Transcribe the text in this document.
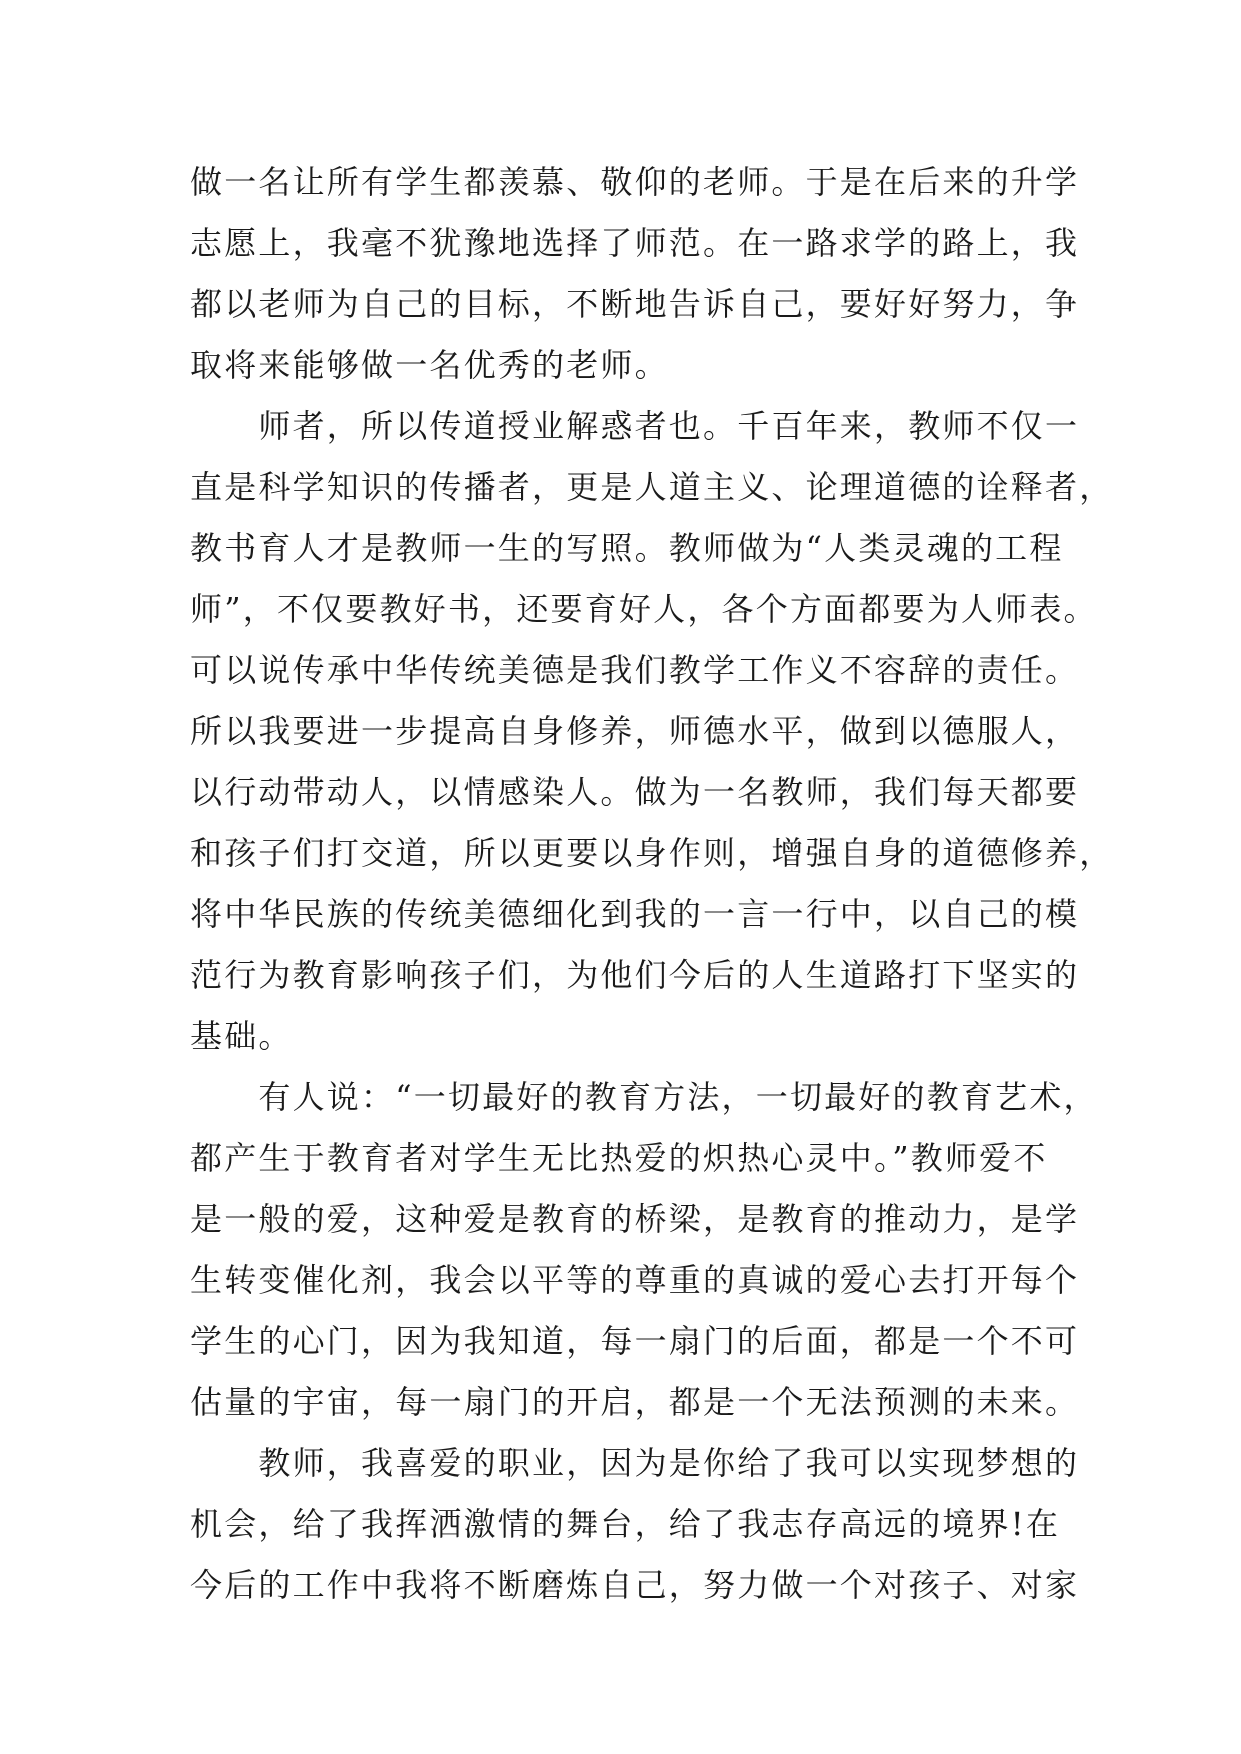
做一名让所有学生都羡慕、敬仰的老师。于是在后来的升学
志愿上，我毫不犹豫地选择了师范。在一路求学的路上，我
都以老师为自己的目标，不断地告诉自己，要好好努力，争
取将来能够做一名优秀的老师。
　　师者，所以传道授业解惑者也。千百年来，教师不仅一
直是科学知识的传播者，更是人道主义、论理道德的诠释者，
教书育人才是教师一生的写照。教师做为“人类灵魂的工程
师”，不仅要教好书，还要育好人，各个方面都要为人师表。
可以说传承中华传统美德是我们教学工作义不容辞的责任。
所以我要进一步提高自身修养，师德水平，做到以德服人，
以行动带动人，以情感染人。做为一名教师，我们每天都要
和孩子们打交道，所以更要以身作则，增强自身的道德修养，
将中华民族的传统美德细化到我的一言一行中，以自己的模
范行为教育影响孩子们，为他们今后的人生道路打下坚实的
基础。
　　有人说：“一切最好的教育方法，一切最好的教育艺术，
都产生于教育者对学生无比热爱的炽热心灵中。”教师爱不
是一般的爱，这种爱是教育的桥梁，是教育的推动力，是学
生转变催化剂，我会以平等的尊重的真诚的爱心去打开每个
学生的心门，因为我知道，每一扇门的后面，都是一个不可
估量的宇宙，每一扇门的开启，都是一个无法预测的未来。
　　教师，我喜爱的职业，因为是你给了我可以实现梦想的
机会，给了我挥洒激情的舞台，给了我志存高远的境界!在
今后的工作中我将不断磨炼自己，努力做一个对孩子、对家
